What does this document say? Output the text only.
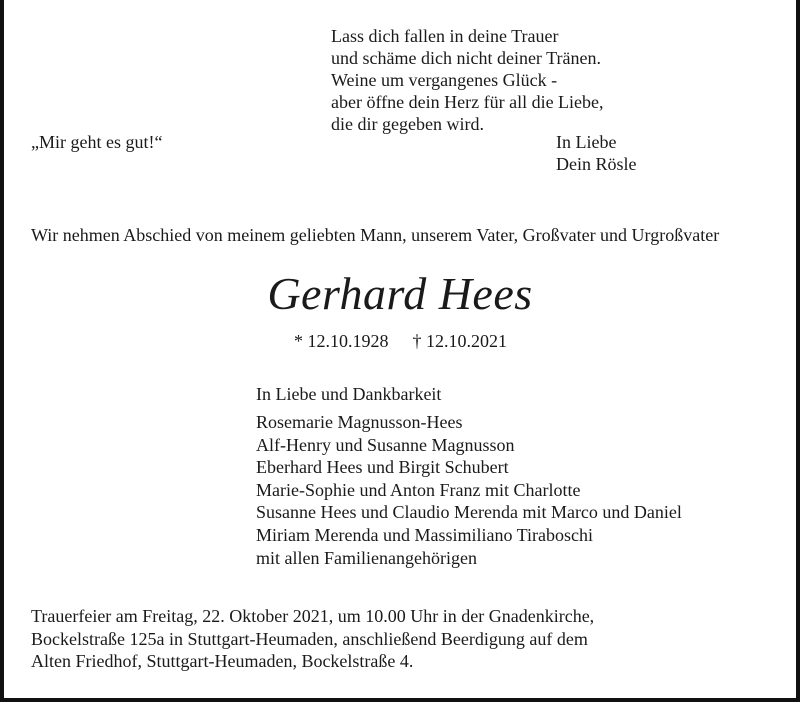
Lass dich fallen in deine Trauer
und schäme dich nicht deiner Tränen.
Weine um vergangenes Glück -
aber öffne dein Herz für all die Liebe,
die dir gegeben wird.
„Mir geht es gut!“	In Liebe
Dein Rösle
Wir nehmen Abschied von meinem geliebten Mann, unserem Vater, Großvater und Urgroßvater
Gerhard Hees
* 12.10.1928 † 12.10.2021
In Liebe und Dankbarkeit
Rosemarie Magnusson-Hees
Alf-Henry und Susanne Magnusson
Eberhard Hees und Birgit Schubert
Marie-Sophie und Anton Franz mit Charlotte
Susanne Hees und Claudio Merenda mit Marco und Daniel
Miriam Merenda und Massimiliano Tiraboschi
mit allen Familienangehörigen
Trauerfeier am Freitag, 22. Oktober 2021, um 10.00 Uhr in der Gnadenkirche,
Bockelstraße 125a in Stuttgart-Heumaden, anschließend Beerdigung auf dem
Alten Friedhof, Stuttgart-Heumaden, Bockelstraße 4.
